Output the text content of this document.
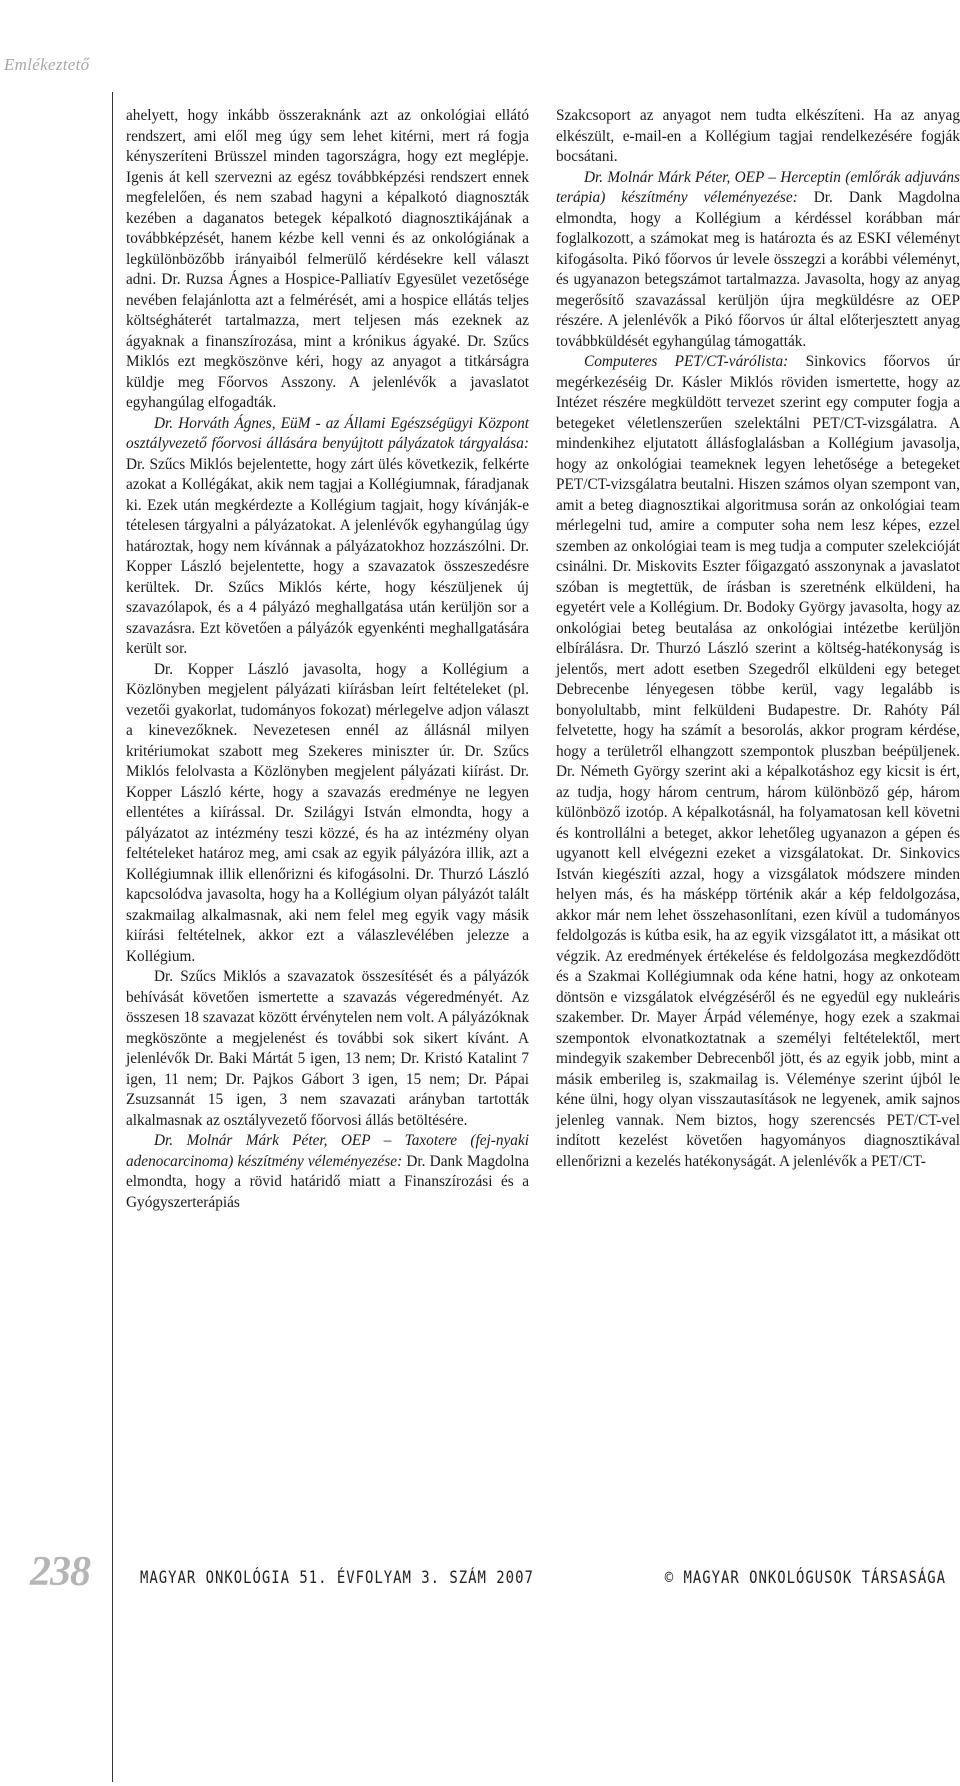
Emlékeztető

ahelyett, hogy inkább összeraknánk azt az onkológiai ellátó rendszert, ami elől meg úgy sem lehet kitérni, mert rá fogja kényszeríteni Brüsszel minden tagországra, hogy ezt meglépje. Igenis át kell szervezni az egész továbbképzési rendszert ennek megfelelően, és nem szabad hagyni a képalkotó diagnoszták kezében a daganatos betegek képalkotó diagnosztikájának a továbbképzését, hanem kézbe kell venni és az onkológiának a legkülönbözőbb irányaiból felmerülő kérdésekre kell választ adni. Dr. Ruzsa Ágnes a Hospice-Palliatív Egyesület vezetősége nevében felajánlotta azt a felmérését, ami a hospice ellátás teljes költségháterét tartalmazza, mert teljesen más ezeknek az ágyaknak a finanszírozása, mint a krónikus ágyaké. Dr. Szűcs Miklós ezt megköszönve kéri, hogy az anyagot a titkárságra küldje meg Főorvos Asszony. A jelenlévők a javaslatot egyhangúlag elfogadták.

Dr. Horváth Ágnes, EüM - az Állami Egészségügyi Központ osztályvezető főorvosi állására benyújtott pályázatok tárgyalása: Dr. Szűcs Miklós bejelentette, hogy zárt ülés következik, felkérte azokat a Kollégákat, akik nem tagjai a Kollégiumnak, fáradjanak ki. Ezek után megkérdezte a Kollégium tagjait, hogy kívánják-e tételesen tárgyalni a pályázatokat. A jelenlévők egyhangúlag úgy határoztak, hogy nem kívánnak a pályázatokhoz hozzászólni. Dr. Kopper László bejelentette, hogy a szavazatok összeszedésre kerültek. Dr. Szűcs Miklós kérte, hogy készüljenek új szavazólapok, és a 4 pályázó meghallgatása után kerüljön sor a szavazásra. Ezt követően a pályázók egyenkénti meghallgatására került sor.

Dr. Kopper László javasolta, hogy a Kollégium a Közlönyben megjelent pályázati kiírásban leírt feltételeket (pl. vezetői gyakorlat, tudományos fokozat) mérlegelve adjon választ a kinevezőknek. Nevezetesen ennél az állásnál milyen kritériumokat szabott meg Szekeres miniszter úr. Dr. Szűcs Miklós felolvasta a Közlönyben megjelent pályázati kiírást. Dr. Kopper László kérte, hogy a szavazás eredménye ne legyen ellentétes a kiírással. Dr. Szilágyi István elmondta, hogy a pályázatot az intézmény teszi közzé, és ha az intézmény olyan feltételeket határoz meg, ami csak az egyik pályázóra illik, azt a Kollégiumnak illik ellenőrizni és kifogásolni. Dr. Thurzó László kapcsolódva javasolta, hogy ha a Kollégium olyan pályázót talált szakmailag alkalmasnak, aki nem felel meg egyik vagy másik kiírási feltételnek, akkor ezt a válaszlevélében jelezze a Kollégium.

Dr. Szűcs Miklós a szavazatok összesítését és a pályázók behívását követően ismertette a szavazás végeredményét. Az összesen 18 szavazat között érvénytelen nem volt. A pályázóknak megköszönte a megjelenést és további sok sikert kívánt. A jelenlévők Dr. Baki Mártát 5 igen, 13 nem; Dr. Kristó Katalint 7 igen, 11 nem; Dr. Pajkos Gábort 3 igen, 15 nem; Dr. Pápai Zsuzsannát 15 igen, 3 nem szavazati arányban tartották alkalmasnak az osztályvezető főorvosi állás betöltésére.

Dr. Molnár Márk Péter, OEP – Taxotere (fej-nyaki adenocarcinoma) készítmény véleményezése: Dr. Dank Magdolna elmondta, hogy a rövid határidő miatt a Finanszírozási és a Gyógyszerterápiás

Szakcsoport az anyagot nem tudta elkészíteni. Ha az anyag elkészült, e-mail-en a Kollégium tagjai rendelkezésére fogják bocsátani.

Dr. Molnár Márk Péter, OEP – Herceptin (emlőrák adjuváns terápia) készítmény véleményezése: Dr. Dank Magdolna elmondta, hogy a Kollégium a kérdéssel korábban már foglalkozott, a számokat meg is határozta és az ESKI véleményt kifogásolta. Pikó főorvos úr levele összegzi a korábbi véleményt, és ugyanazon betegszámot tartalmazza. Javasolta, hogy az anyag megerősítő szavazással kerüljön újra megküldésre az OEP részére. A jelenlévők a Pikó főorvos úr által előterjesztett anyag továbbküldését egyhangúlag támogatták.

Computeres PET/CT-várólista: Sinkovics főorvos úr megérkezéséig Dr. Kásler Miklós röviden ismertette, hogy az Intézet részére megküldött tervezet szerint egy computer fogja a betegeket véletlenszerűen szelektálni PET/CT-vizsgálatra. A mindenkihez eljutatott állásfoglalásban a Kollégium javasolja, hogy az onkológiai teameknek legyen lehetősége a betegeket PET/CT-vizsgálatra beutalni. Hiszen számos olyan szempont van, amit a beteg diagnosztikai algoritmusa során az onkológiai team mérlegelni tud, amire a computer soha nem lesz képes, ezzel szemben az onkológiai team is meg tudja a computer szelekcióját csinálni. Dr. Miskovits Eszter főigazgató asszonynak a javaslatot szóban is megtettük, de írásban is szeretnénk elküldeni, ha egyetért vele a Kollégium. Dr. Bodoky György javasolta, hogy az onkológiai beteg beutalása az onkológiai intézetbe kerüljön elbírálásra. Dr. Thurzó László szerint a költség-hatékonyság is jelentős, mert adott esetben Szegedről elküldeni egy beteget Debrecenbe lényegesen többe kerül, vagy legalább is bonyolultabb, mint felküldeni Budapestre. Dr. Rahóty Pál felvetette, hogy ha számít a besorolás, akkor program kérdése, hogy a területről elhangzott szempontok pluszban beépüljenek. Dr. Németh György szerint aki a képalkotáshoz egy kicsit is ért, az tudja, hogy három centrum, három különböző gép, három különböző izotóp. A képalkotásnál, ha folyamatosan kell követni és kontrollálni a beteget, akkor lehetőleg ugyanazon a gépen és ugyanott kell elvégezni ezeket a vizsgálatokat. Dr. Sinkovics István kiegészíti azzal, hogy a vizsgálatok módszere minden helyen más, és ha másképp történik akár a kép feldolgozása, akkor már nem lehet összehasonlítani, ezen kívül a tudományos feldolgozás is kútba esik, ha az egyik vizsgálatot itt, a másikat ott végzik. Az eredmények értékelése és feldolgozása megkezdődött és a Szakmai Kollégiumnak oda kéne hatni, hogy az onkoteam döntsön e vizsgálatok elvégzéséről és ne egyedül egy nukleáris szakember. Dr. Mayer Árpád véleménye, hogy ezek a szakmai szempontok elvonatkoztatnak a személyi feltételektől, mert mindegyik szakember Debrecenből jött, és az egyik jobb, mint a másik emberileg is, szakmailag is. Véleménye szerint újból le kéne ülni, hogy olyan visszautasítások ne legyenek, amik sajnos jelenleg vannak. Nem biztos, hogy szerencsés PET/CT-vel indított kezelést követően hagyományos diagnosztikával ellenőrizni a kezelés hatékonyságát. A jelenlévők a PET/CT-

238	MAGYAR ONKOLÓGIA 51. ÉVFOLYAM 3. SZÁM 2007	© MAGYAR ONKOLÓGUSOK TÁRSASÁGA
